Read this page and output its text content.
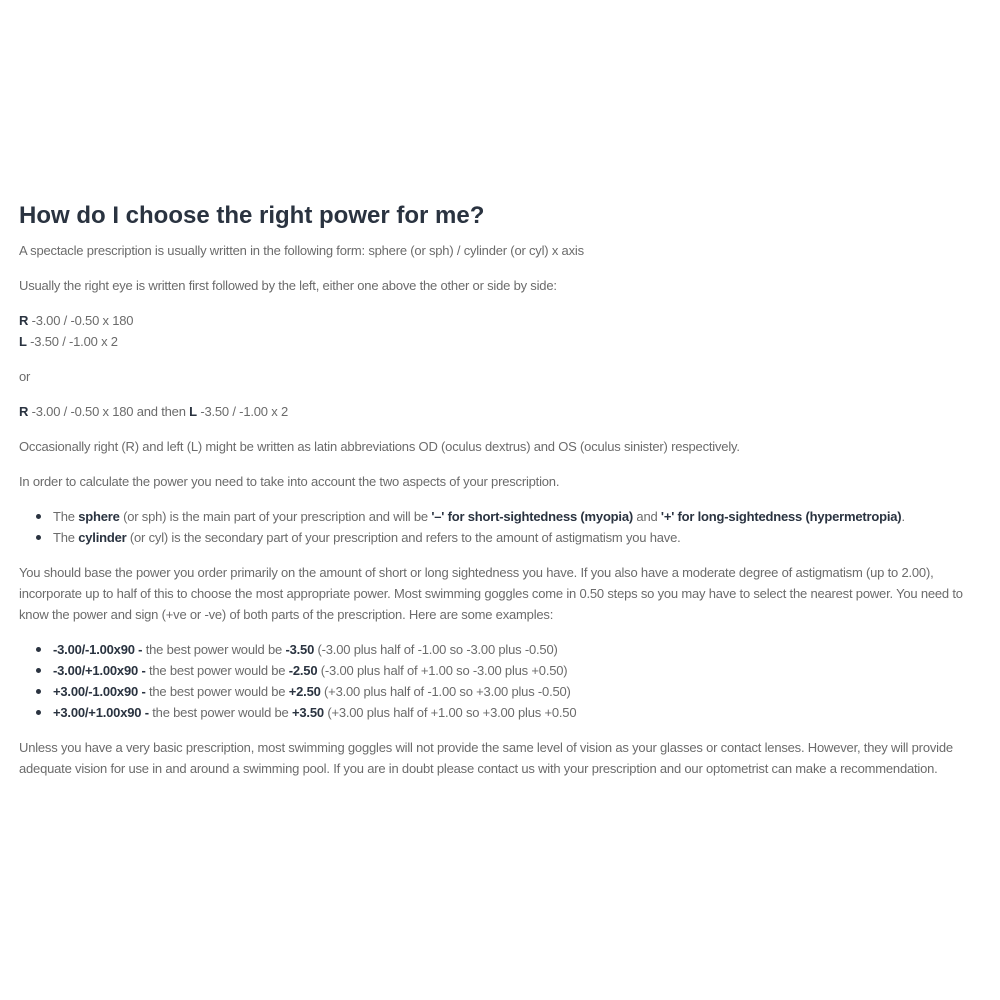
How do I choose the right power for me?

A spectacle prescription is usually written in the following form: sphere (or sph) / cylinder (or cyl) x axis

Usually the right eye is written first followed by the left, either one above the other or side by side:

R -3.00 / -0.50 x 180
L -3.50 / -1.00 x 2

or

R -3.00 / -0.50 x 180 and then L -3.50 / -1.00 x 2

Occasionally right (R) and left (L) might be written as latin abbreviations OD (oculus dextrus) and OS (oculus sinister) respectively.

In order to calculate the power you need to take into account the two aspects of your prescription.

The sphere (or sph) is the main part of your prescription and will be '–' for short-sightedness (myopia) and '+' for long-sightedness (hypermetropia).
The cylinder (or cyl) is the secondary part of your prescription and refers to the amount of astigmatism you have.

You should base the power you order primarily on the amount of short or long sightedness you have. If you also have a moderate degree of astigmatism (up to 2.00), incorporate up to half of this to choose the most appropriate power. Most swimming goggles come in 0.50 steps so you may have to select the nearest power. You need to know the power and sign (+ve or -ve) of both parts of the prescription. Here are some examples:

-3.00/-1.00x90 - the best power would be -3.50 (-3.00 plus half of -1.00 so -3.00 plus -0.50)
-3.00/+1.00x90 - the best power would be -2.50 (-3.00 plus half of +1.00 so -3.00 plus +0.50)
+3.00/-1.00x90 - the best power would be +2.50 (+3.00 plus half of -1.00 so +3.00 plus -0.50)
+3.00/+1.00x90 - the best power would be +3.50 (+3.00 plus half of +1.00 so +3.00 plus +0.50

Unless you have a very basic prescription, most swimming goggles will not provide the same level of vision as your glasses or contact lenses. However, they will provide adequate vision for use in and around a swimming pool. If you are in doubt please contact us with your prescription and our optometrist can make a recommendation.
